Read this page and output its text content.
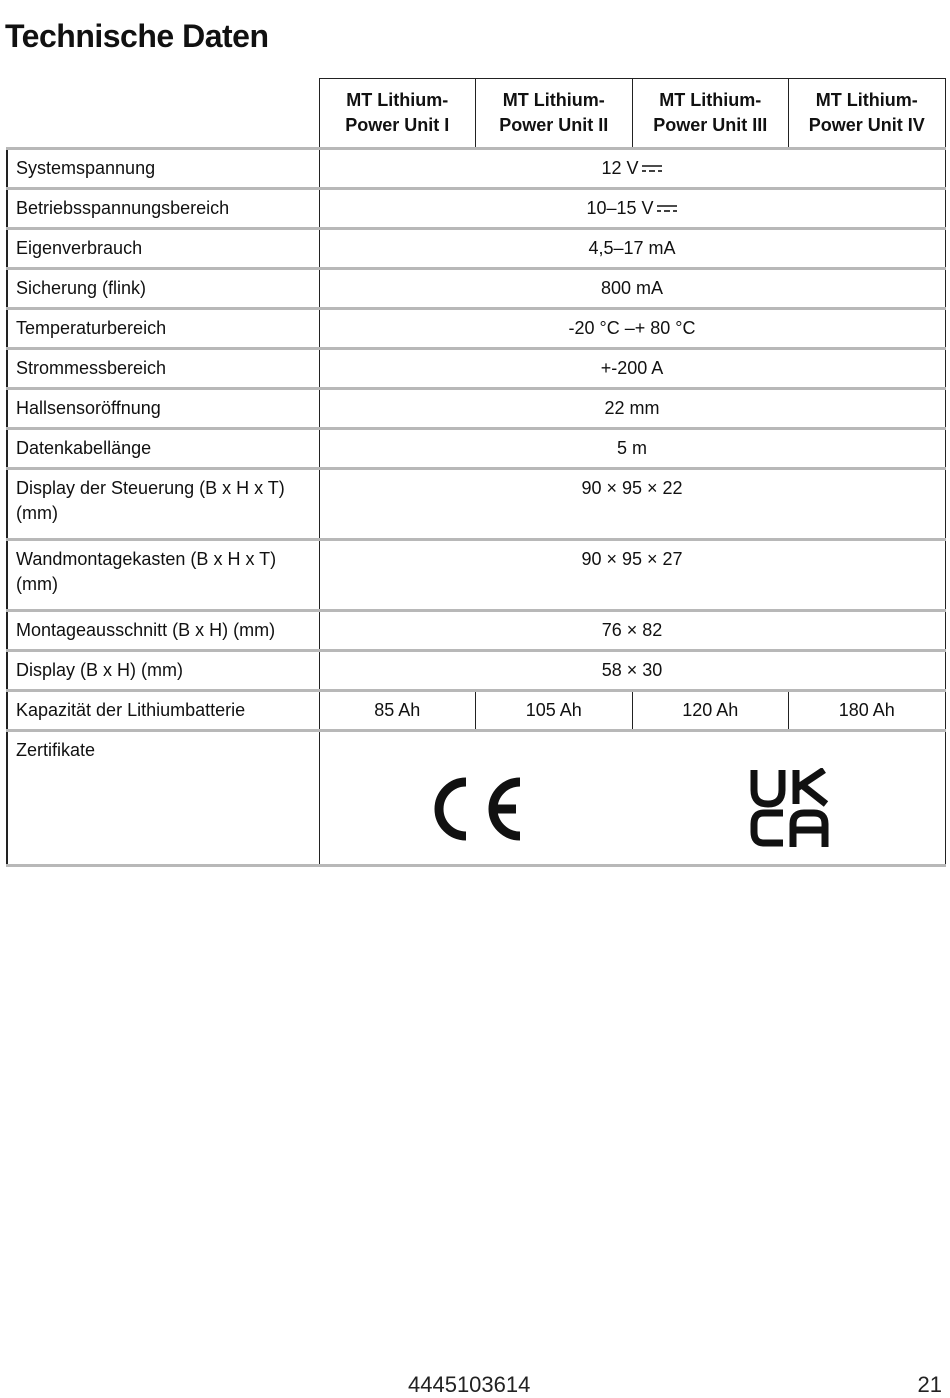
Technische Daten
	MT Lithium-
Power Unit I	MT Lithium-
Power Unit II	MT Lithium-
Power Unit III	MT Lithium-
Power Unit IV
Systemspannung	12 V			
Betriebsspannungsbereich	10–15 V			
Eigenverbrauch	4,5–17 mA			
Sicherung (flink)	800 mA			
Temperaturbereich	-20 °C –+ 80 °C			
Strommessbereich	+-200 A			
Hallsensoröffnung	22 mm			
Datenkabellänge	5 m			
Display der Steuerung (B x H x T) (mm)	90 × 95 × 22			
Wandmontagekasten (B x H x T) (mm)	90 × 95 × 27			
Montageausschnitt (B x H) (mm)	76 × 82			
Display (B x H) (mm)	58 × 30			
Kapazität der Lithiumbatterie	85 Ah	105 Ah	120 Ah	180 Ah
Zertifikate	
4445103614	21
